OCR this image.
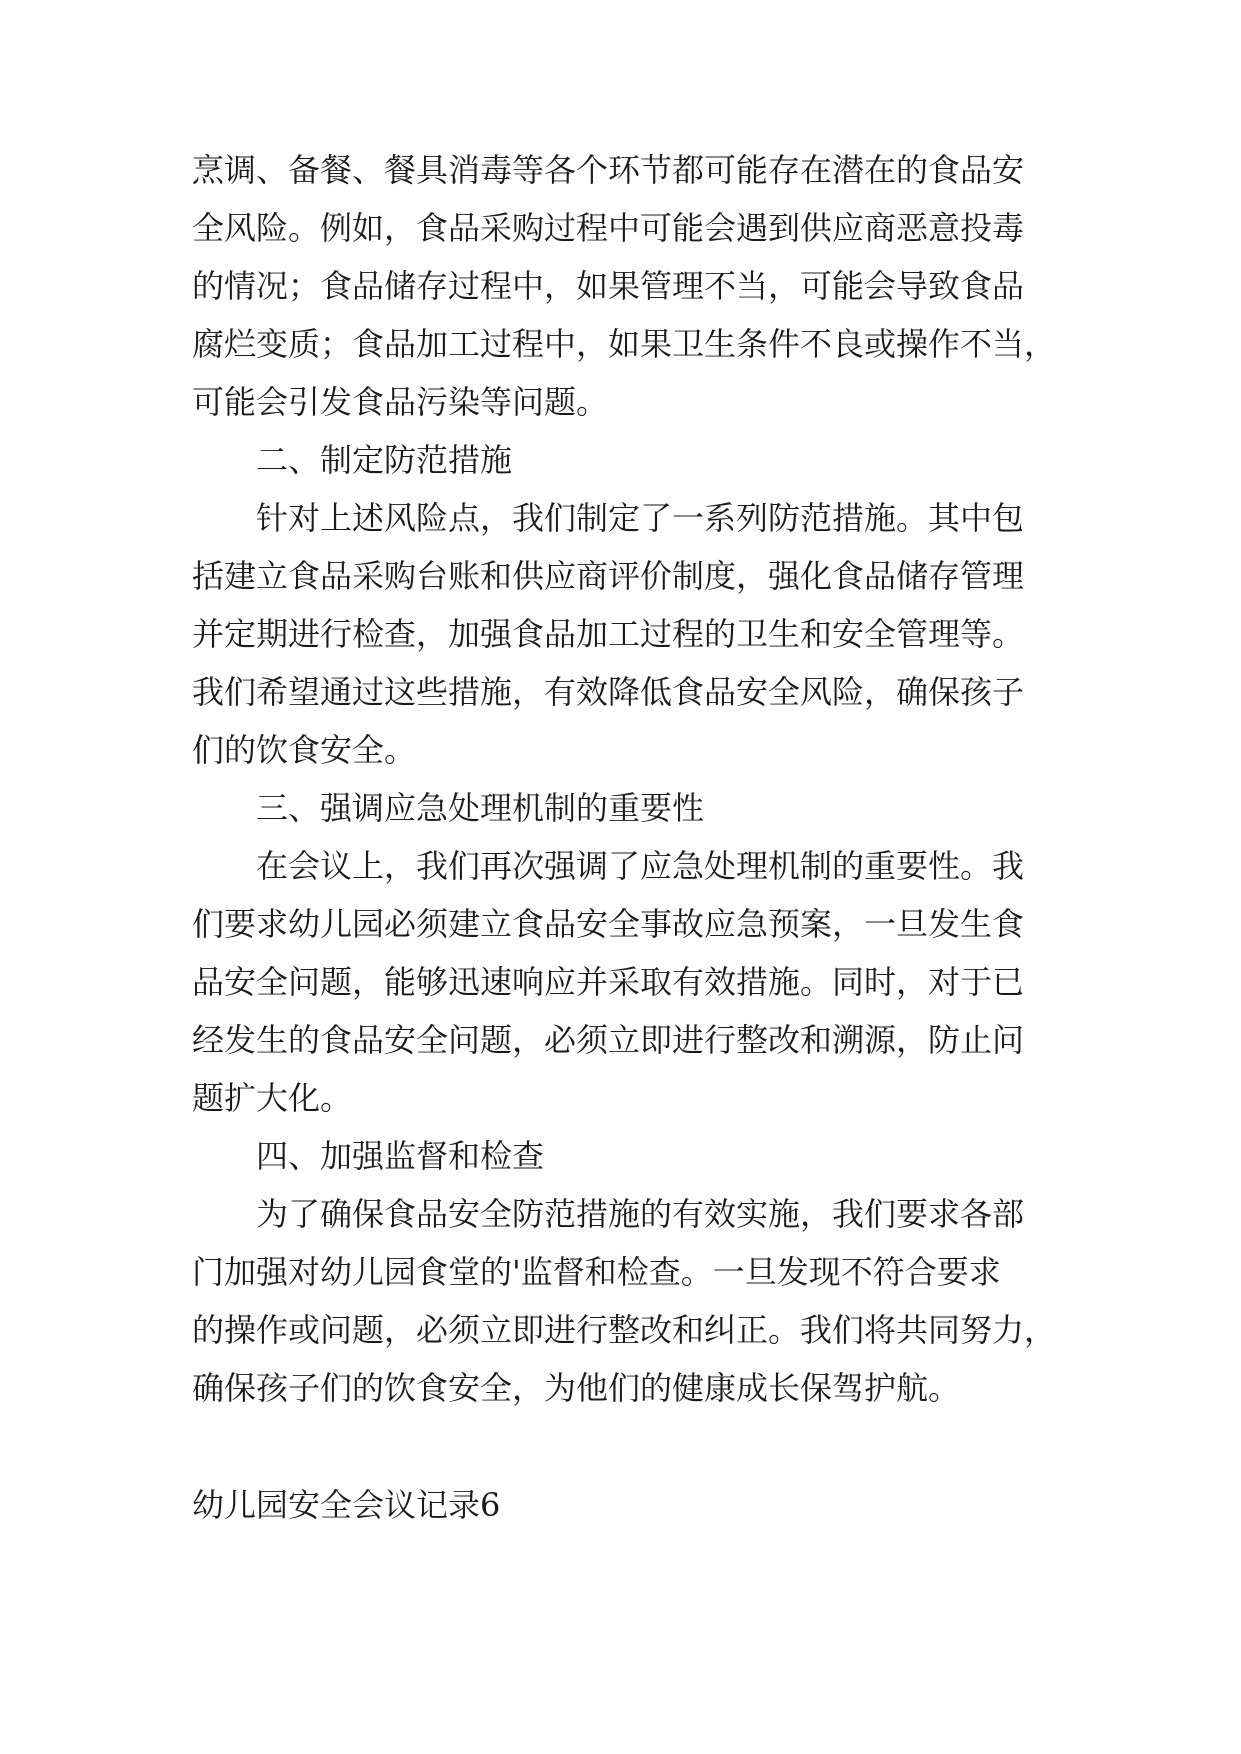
烹调、备餐、餐具消毒等各个环节都可能存在潜在的食品安
全风险。例如，食品采购过程中可能会遇到供应商恶意投毒
的情况；食品储存过程中，如果管理不当，可能会导致食品
腐烂变质；食品加工过程中，如果卫生条件不良或操作不当，
可能会引发食品污染等问题。
二、制定防范措施
针对上述风险点，我们制定了一系列防范措施。其中包
括建立食品采购台账和供应商评价制度，强化食品储存管理
并定期进行检查，加强食品加工过程的卫生和安全管理等。
我们希望通过这些措施，有效降低食品安全风险，确保孩子
们的饮食安全。
三、强调应急处理机制的重要性
在会议上，我们再次强调了应急处理机制的重要性。我
们要求幼儿园必须建立食品安全事故应急预案，一旦发生食
品安全问题，能够迅速响应并采取有效措施。同时，对于已
经发生的食品安全问题，必须立即进行整改和溯源，防止问
题扩大化。
四、加强监督和检查
为了确保食品安全防范措施的有效实施，我们要求各部
门加强对幼儿园食堂的'监督和检查。一旦发现不符合要求
的操作或问题，必须立即进行整改和纠正。我们将共同努力，
确保孩子们的饮食安全，为他们的健康成长保驾护航。
幼儿园安全会议记录6
